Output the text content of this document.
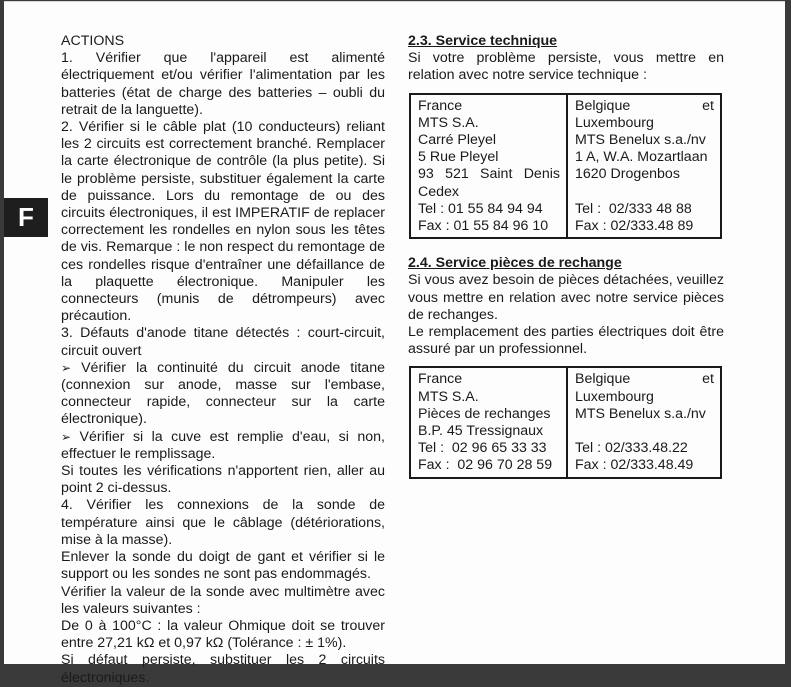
F

ACTIONS

1. Vérifier que l'appareil est alimenté électriquement et/ou vérifier l'alimentation par les batteries (état de charge des batteries – oubli du retrait de la languette).

2. Vérifier si le câble plat (10 conducteurs) reliant les 2 circuits est correctement branché. Remplacer la carte électronique de contrôle (la plus petite). Si le problème persiste, substituer également la carte de puissance. Lors du remontage de ou des circuits électroniques, il est IMPERATIF de replacer correctement les rondelles en nylon sous les têtes de vis. Remarque : le non respect du remontage de ces rondelles risque d'entraîner une défaillance de la plaquette électronique. Manipuler les connecteurs (munis de détrompeurs) avec précaution.

3. Défauts d'anode titane détectés : court-circuit, circuit ouvert

➢ Vérifier la continuité du circuit anode titane (connexion sur anode, masse sur l'embase, connecteur rapide, connecteur sur la carte électronique).

➢ Vérifier si la cuve est remplie d'eau, si non, effectuer le remplissage.

Si toutes les vérifications n'apportent rien, aller au point 2 ci-dessus.

4. Vérifier les connexions de la sonde de température ainsi que le câblage (détériorations, mise à la masse).

Enlever la sonde du doigt de gant et vérifier si le support ou les sondes ne sont pas endommagés.

Vérifier la valeur de la sonde avec multimètre avec les valeurs suivantes :

De 0 à 100°C : la valeur Ohmique doit se trouver entre 27,21 kΩ et 0,97 kΩ (Tolérance : ± 1%).

Si défaut persiste, substituer les 2 circuits électroniques.

2.3. Service technique

Si votre problème persiste, vous mettre en relation avec notre service technique :

France
MTS S.A.
Carré Pleyel
5 Rue Pleyel
93 521 Saint Denis
Cedex
Tel : 01 55 84 94 94
Fax : 01 55 84 96 10

Belgique	et
Luxembourg
MTS Benelux s.a./nv
1 A, W.A. Mozartlaan
1620 Drogenbos
Tel :  02/333 48 88
Fax : 02/333.48 89

2.4. Service pièces de rechange

Si vous avez besoin de pièces détachées, veuillez vous mettre en relation avec notre service pièces de rechanges.

Le remplacement des parties électriques doit être assuré par un professionnel.

France
MTS S.A.
Pièces de rechanges
B.P. 45 Tressignaux
Tel :  02 96 65 33 33
Fax :  02 96 70 28 59

Belgique	et
Luxembourg
MTS Benelux s.a./nv
Tel : 02/333.48.22
Fax : 02/333.48.49
